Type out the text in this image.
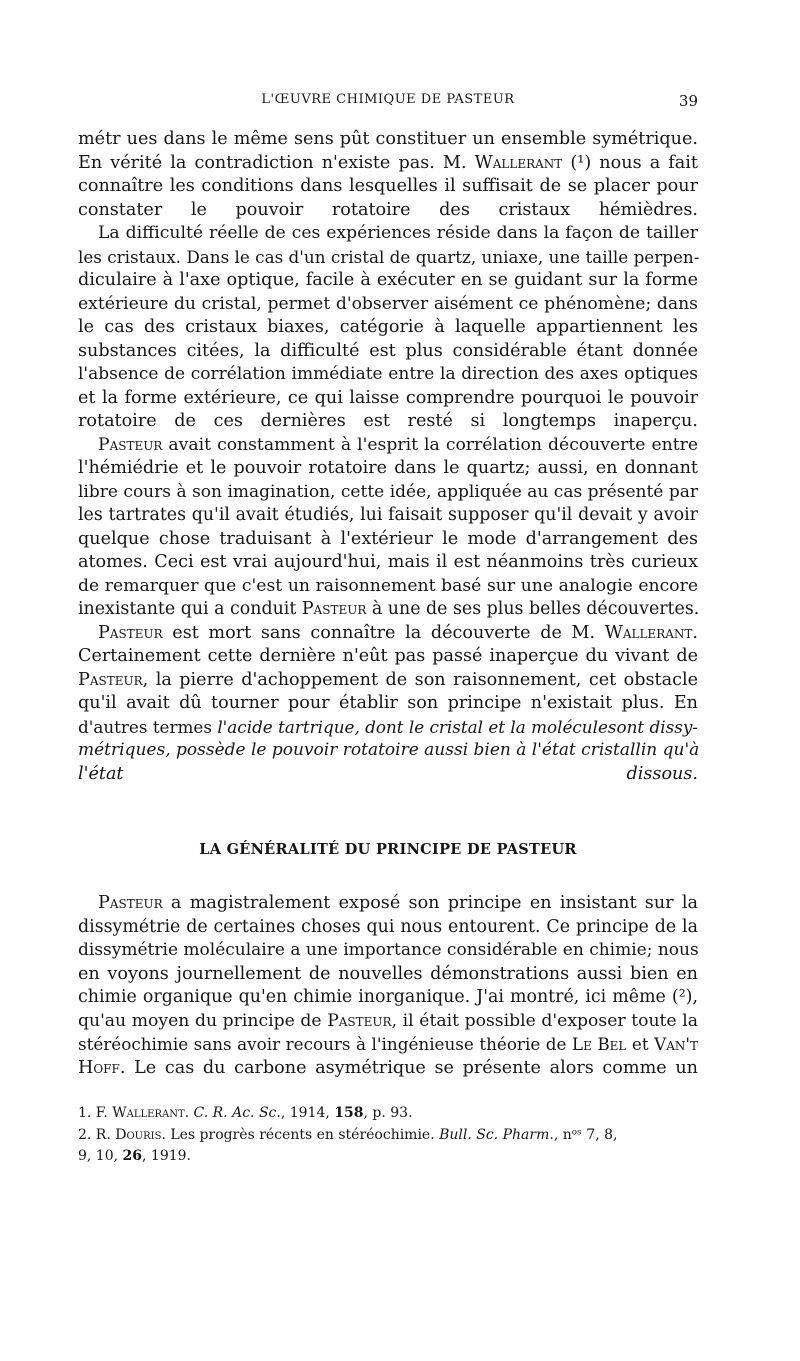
L'ŒUVRE CHIMIQUE DE PASTEUR	39

métr ues dans le même sens pût constituer un ensemble symétrique.
En vérité la contradiction n'existe pas. M. Wallerant (¹) nous a fait
connaître les conditions dans lesquelles il suffisait de se placer pour
constater le pouvoir rotatoire des cristaux hémièdres.

La difficulté réelle de ces expériences réside dans la façon de tailler
les cristaux. Dans le cas d'un cristal de quartz, uniaxe, une taille perpen-
diculaire à l'axe optique, facile à exécuter en se guidant sur la forme
extérieure du cristal, permet d'observer aisément ce phénomène; dans
le cas des cristaux biaxes, catégorie à laquelle appartiennent les
substances citées, la difficulté est plus considérable étant donnée
l'absence de corrélation immédiate entre la direction des axes optiques
et la forme extérieure, ce qui laisse comprendre pourquoi le pouvoir
rotatoire de ces dernières est resté si longtemps inaperçu.

Pasteur avait constamment à l'esprit la corrélation découverte entre
l'hémiédrie et le pouvoir rotatoire dans le quartz; aussi, en donnant
libre cours à son imagination, cette idée, appliquée au cas présenté par
les tartrates qu'il avait étudiés, lui faisait supposer qu'il devait y avoir
quelque chose traduisant à l'extérieur le mode d'arrangement des
atomes. Ceci est vrai aujourd'hui, mais il est néanmoins très curieux
de remarquer que c'est un raisonnement basé sur une analogie encore
inexistante qui a conduit Pasteur à une de ses plus belles découvertes.

Pasteur est mort sans connaître la découverte de M. Wallerant.
Certainement cette dernière n'eût pas passé inaperçue du vivant de
Pasteur, la pierre d'achoppement de son raisonnement, cet obstacle
qu'il avait dû tourner pour établir son principe n'existait plus. En
d'autres termes l'acide tartrique, dont le cristal et la moléculesont dissy-
métriques, possède le pouvoir rotatoire aussi bien à l'état cristallin qu'à
l'état dissous.

LA GÉNÉRALITÉ DU PRINCIPE DE PASTEUR

Pasteur a magistralement exposé son principe en insistant sur la
dissymétrie de certaines choses qui nous entourent. Ce principe de la
dissymétrie moléculaire a une importance considérable en chimie; nous
en voyons journellement de nouvelles démonstrations aussi bien en
chimie organique qu'en chimie inorganique. J'ai montré, ici même (²),
qu'au moyen du principe de Pasteur, il était possible d'exposer toute la
stéréochimie sans avoir recours à l'ingénieuse théorie de Le Bel et Van't
Hoff. Le cas du carbone asymétrique se présente alors comme un

1. F. Wallerant. C. R. Ac. Sc., 1914, 158, p. 93.
2. R. Douris. Les progrès récents en stéréochimie. Bull. Sc. Pharm., nᵒˢ 7, 8,
9, 10, 26, 1919.
